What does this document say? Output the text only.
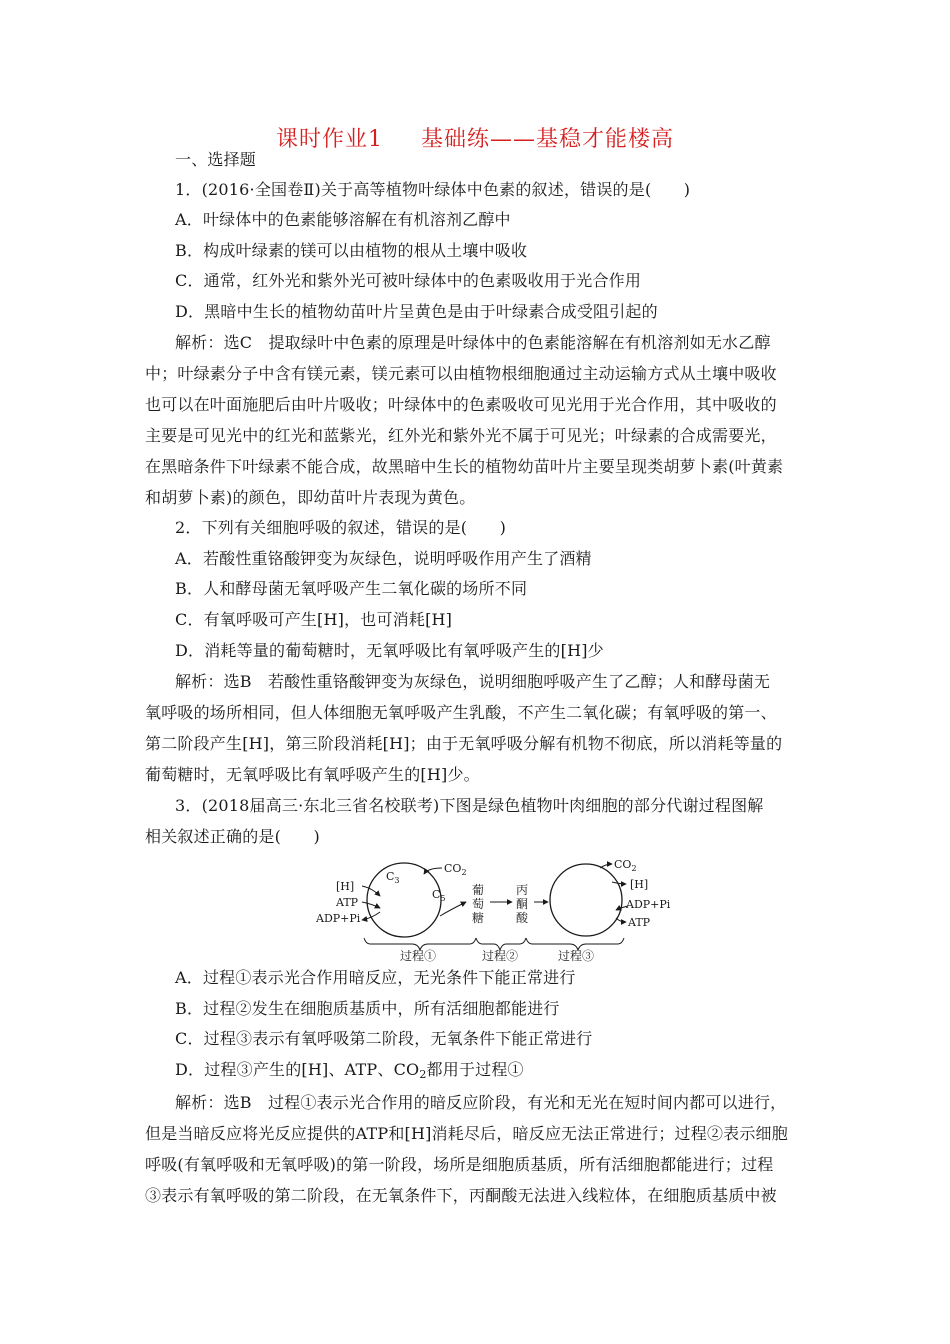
课时作业1 基础练——基稳才能楼高
一、选择题
1．(2016·全国卷Ⅱ)关于高等植物叶绿体中色素的叙述，错误的是(　　)
A．叶绿体中的色素能够溶解在有机溶剂乙醇中
B．构成叶绿素的镁可以由植物的根从土壤中吸收
C．通常，红外光和紫外光可被叶绿体中的色素吸收用于光合作用
D．黑暗中生长的植物幼苗叶片呈黄色是由于叶绿素合成受阻引起的
解析：选C　提取绿叶中色素的原理是叶绿体中的色素能溶解在有机溶剂如无水乙醇
中；叶绿素分子中含有镁元素，镁元素可以由植物根细胞通过主动运输方式从土壤中吸收
也可以在叶面施肥后由叶片吸收；叶绿体中的色素吸收可见光用于光合作用，其中吸收的
主要是可见光中的红光和蓝紫光，红外光和紫外光不属于可见光；叶绿素的合成需要光，
在黑暗条件下叶绿素不能合成，故黑暗中生长的植物幼苗叶片主要呈现类胡萝卜素(叶黄素
和胡萝卜素)的颜色，即幼苗叶片表现为黄色。
2．下列有关细胞呼吸的叙述，错误的是(　　)
A．若酸性重铬酸钾变为灰绿色，说明呼吸作用产生了酒精
B．人和酵母菌无氧呼吸产生二氧化碳的场所不同
C．有氧呼吸可产生[H]，也可消耗[H]
D．消耗等量的葡萄糖时，无氧呼吸比有氧呼吸产生的[H]少
解析：选B　若酸性重铬酸钾变为灰绿色，说明细胞呼吸产生了乙醇；人和酵母菌无
氧呼吸的场所相同，但人体细胞无氧呼吸产生乳酸，不产生二氧化碳；有氧呼吸的第一、
第二阶段产生[H]，第三阶段消耗[H]；由于无氧呼吸分解有机物不彻底，所以消耗等量的
葡萄糖时，无氧呼吸比有氧呼吸产生的[H]少。
3．(2018届高三·东北三省名校联考)下图是绿色植物叶肉细胞的部分代谢过程图解
相关叙述正确的是(　　)
[H]
ATP
ADP+Pi
$C_3$
$C_5$
$CO_2$
葡
萄
糖
丙
酮
酸
$CO_2$
[H]
ADP+Pi
ATP
过程①	过程②	过程③
A．过程①表示光合作用暗反应，无光条件下能正常进行
B．过程②发生在细胞质基质中，所有活细胞都能进行
C．过程③表示有氧呼吸第二阶段，无氧条件下能正常进行
D．过程③产生的[H]、ATP、CO2都用于过程①
解析：选B　过程①表示光合作用的暗反应阶段，有光和无光在短时间内都可以进行，
但是当暗反应将光反应提供的ATP和[H]消耗尽后，暗反应无法正常进行；过程②表示细胞
呼吸(有氧呼吸和无氧呼吸)的第一阶段，场所是细胞质基质，所有活细胞都能进行；过程
③表示有氧呼吸的第二阶段，在无氧条件下，丙酮酸无法进入线粒体，在细胞质基质中被
